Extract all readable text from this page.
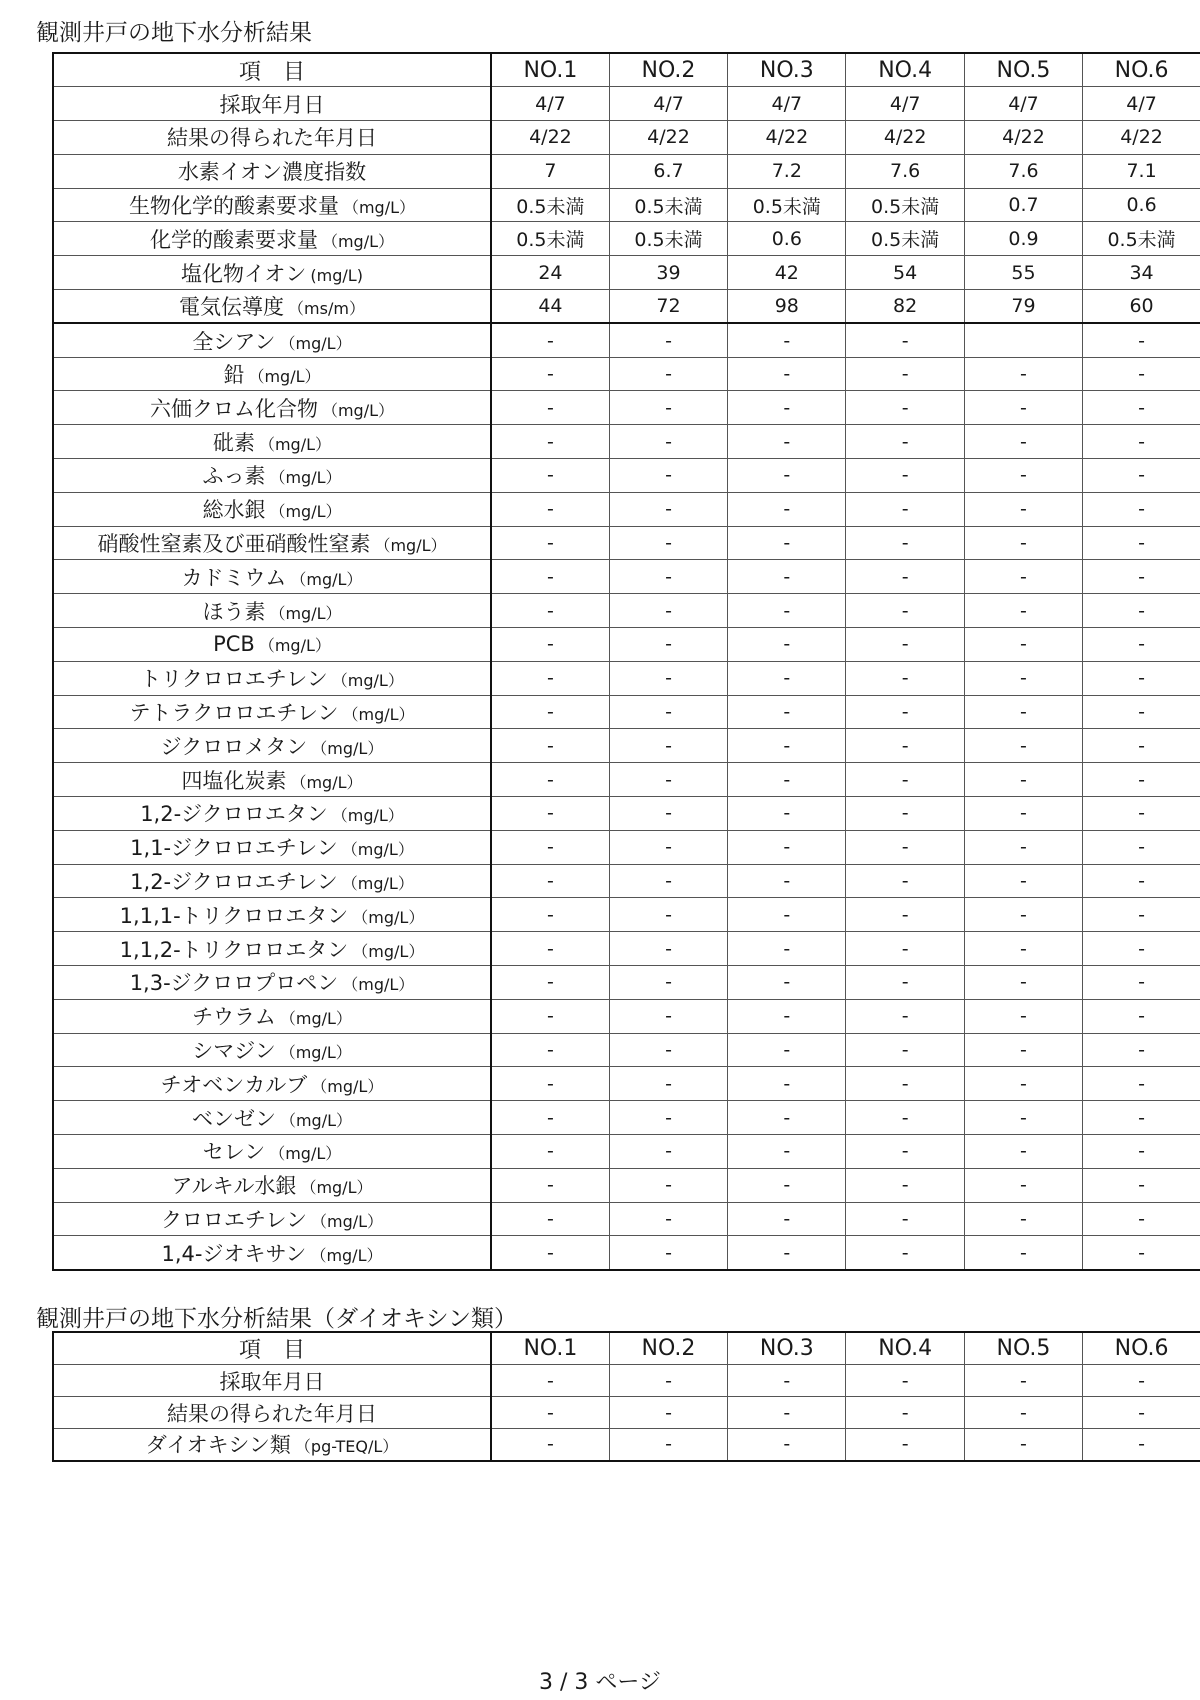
観測井戸の地下水分析結果
項　目	NO.1	NO.2	NO.3	NO.4	NO.5	NO.6
採取年月日	4/7	4/7	4/7	4/7	4/7	4/7
結果の得られた年月日	4/22	4/22	4/22	4/22	4/22	4/22
水素イオン濃度指数	7	6.7	7.2	7.6	7.6	7.1
生物化学的酸素要求量 （mg/L）	0.5未満	0.5未満	0.5未満	0.5未満	0.7	0.6
化学的酸素要求量 （mg/L）	0.5未満	0.5未満	0.6	0.5未満	0.9	0.5未満
塩化物イオン (mg/L)	24	39	42	54	55	34
電気伝導度 （ms/m）	44	72	98	82	79	60
全シアン （mg/L）	-	-	-	-		-
鉛 （mg/L）	-	-	-	-	-	-
六価クロム化合物 （mg/L）	-	-	-	-	-	-
砒素 （mg/L）	-	-	-	-	-	-
ふっ素 （mg/L）	-	-	-	-	-	-
総水銀 （mg/L）	-	-	-	-	-	-
硝酸性窒素及び亜硝酸性窒素 （mg/L）	-	-	-	-	-	-
カドミウム （mg/L）	-	-	-	-	-	-
ほう素 （mg/L）	-	-	-	-	-	-
PCB （mg/L）	-	-	-	-	-	-
トリクロロエチレン （mg/L）	-	-	-	-	-	-
テトラクロロエチレン （mg/L）	-	-	-	-	-	-
ジクロロメタン （mg/L）	-	-	-	-	-	-
四塩化炭素 （mg/L）	-	-	-	-	-	-
1,2-ジクロロエタン （mg/L）	-	-	-	-	-	-
1,1-ジクロロエチレン （mg/L）	-	-	-	-	-	-
1,2-ジクロロエチレン （mg/L）	-	-	-	-	-	-
1,1,1-トリクロロエタン （mg/L）	-	-	-	-	-	-
1,1,2-トリクロロエタン （mg/L）	-	-	-	-	-	-
1,3-ジクロロプロペン （mg/L）	-	-	-	-	-	-
チウラム （mg/L）	-	-	-	-	-	-
シマジン （mg/L）	-	-	-	-	-	-
チオベンカルブ （mg/L）	-	-	-	-	-	-
ベンゼン （mg/L）	-	-	-	-	-	-
セレン （mg/L）	-	-	-	-	-	-
アルキル水銀 （mg/L）	-	-	-	-	-	-
クロロエチレン （mg/L）	-	-	-	-	-	-
1,4-ジオキサン （mg/L）	-	-	-	-	-	-
観測井戸の地下水分析結果（ダイオキシン類）
項　目	NO.1	NO.2	NO.3	NO.4	NO.5	NO.6
採取年月日	-	-	-	-	-	-
結果の得られた年月日	-	-	-	-	-	-
ダイオキシン類 （pg-TEQ/L）	-	-	-	-	-	-
3 / 3 ページ
